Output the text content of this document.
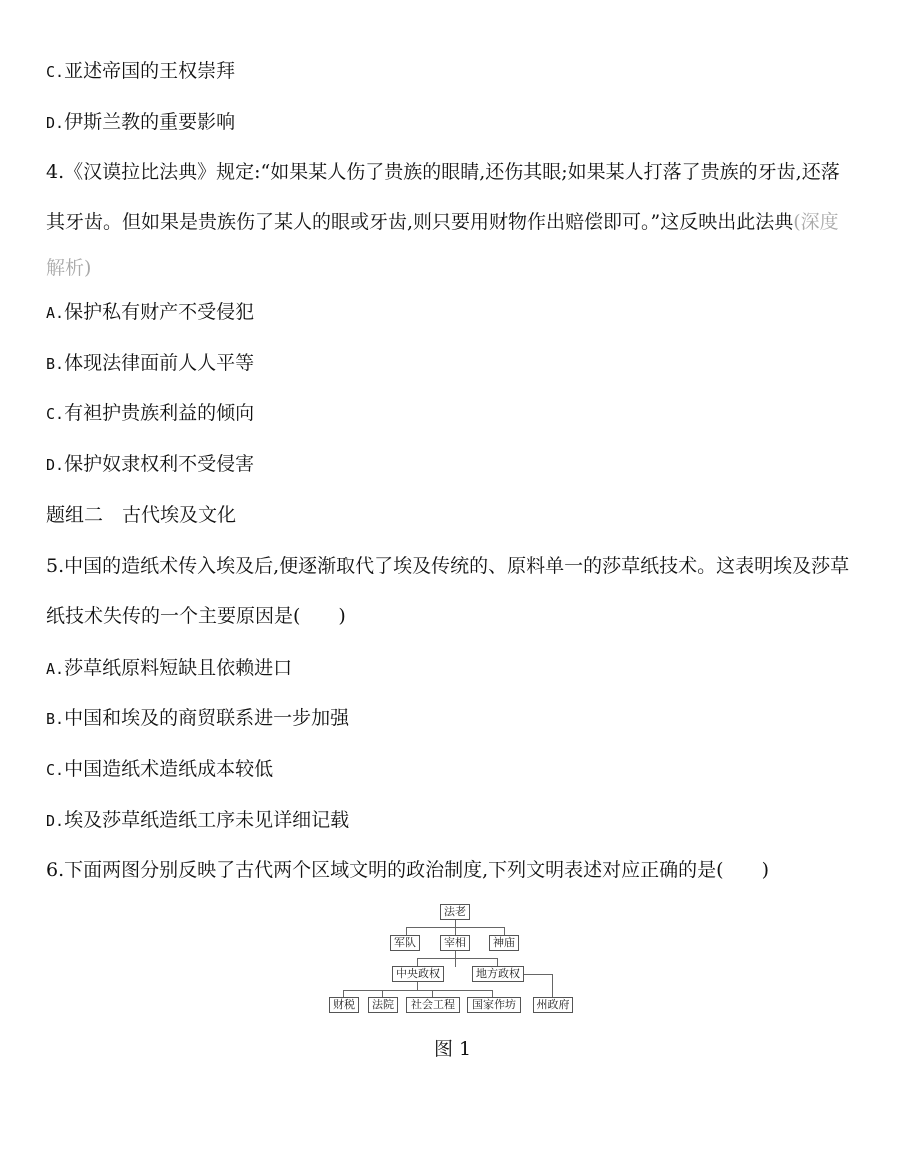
C.亚述帝国的王权崇拜
D.伊斯兰教的重要影响
4.《汉谟拉比法典》规定:“如果某人伤了贵族的眼睛,还伤其眼;如果某人打落了贵族的牙齿,还落
其牙齿。但如果是贵族伤了某人的眼或牙齿,则只要用财物作出赔偿即可。”这反映出此法典(深度
解析)
A.保护私有财产不受侵犯
B.体现法律面前人人平等
C.有袒护贵族利益的倾向
D.保护奴隶权利不受侵害
题组二　古代埃及文化
5.中国的造纸术传入埃及后,便逐渐取代了埃及传统的、原料单一的莎草纸技术。这表明埃及莎草
纸技术失传的一个主要原因是(　　)
A.莎草纸原料短缺且依赖进口
B.中国和埃及的商贸联系进一步加强
C.中国造纸术造纸成本较低
D.埃及莎草纸造纸工序未见详细记载
6.下面两图分别反映了古代两个区域文明的政治制度,下列文明表述对应正确的是(　　)
法老
军队	宰相	神庙
中央政权	地方政权
财税	法院	社会工程	国家作坊	州政府
图 1
